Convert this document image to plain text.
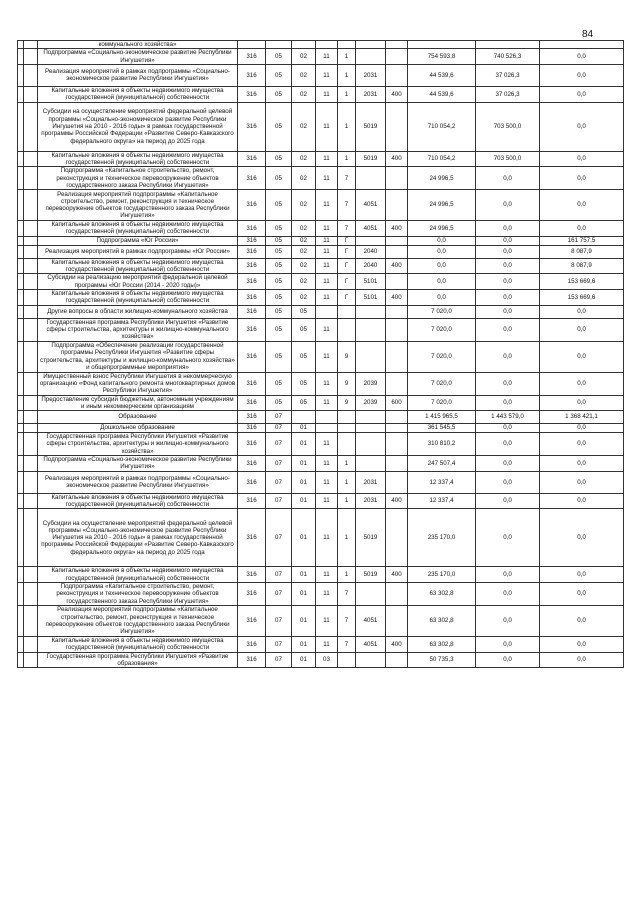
84
		коммунального хозяйства»										
		Подпрограмма «Социально-экономическое развитие Республики Ингушетия»	316	05	02	11	1			754 593,8	740 526,3	0,0
		Реализация мероприятий в рамках подпрограммы «Социально-экономическое развитие Республики Ингушетия»	316	05	02	11	1	2031		44 539,6	37 026,3	0,0
		Капитальные вложения в объекты недвижимого имущества государственной (муниципальной) собственности	316	05	02	11	1	2031	400	44 539,6	37 026,3	0,0
		Субсидии на осуществление мероприятий федеральной целевой программы «Социально-экономическое развитие Республики Ингушетия на 2010 - 2016 годы» в рамках государственной программы Российской Федерации «Развитие Северо-Кавказского федерального округа» на период до 2025 года	316	05	02	11	1	5019		710 054,2	703 500,0	0,0
		Капитальные вложения в объекты недвижимого имущества государственной (муниципальной) собственности	316	05	02	11	1	5019	400	710 054,2	703 500,0	0,0
		Подпрограмма «Капитальное строительство, ремонт, реконструкция и техническое перевооружение объектов государственного заказа Республики Ингушетия»	316	05	02	11	7			24 996,5	0,0	0,0
		Реализация мероприятий подпрограммы «Капитальное строительство, ремонт, реконструкция и техническое перевооружение объектов государственного заказа Республики Ингушетия»	316	05	02	11	7	4051		24 996,5	0,0	0,0
		Капитальные вложения в объекты недвижимого имущества государственной (муниципальной) собственности	316	05	02	11	7	4051	400	24 996,5	0,0	0,0
		Подпрограмма «Юг России»	316	05	02	11	Г			0,0	0,0	161 757,5
		Реализация мероприятий в рамках подпрограммы «Юг России»	316	05	02	11	Г	2040		0,0	0,0	8 087,9
		Капитальные вложения в объекты недвижимого имущества государственной (муниципальной) собственности	316	05	02	11	Г	2040	400	0,0	0,0	8 087,9
		Субсидии на реализацию мероприятий федеральной целевой программы «Юг России (2014 - 2020 годы)»	316	05	02	11	Г	5101		0,0	0,0	153 669,6
		Капитальные вложения в объекты недвижимого имущества государственной (муниципальной) собственности	316	05	02	11	Г	5101	400	0,0	0,0	153 669,6
		Другие вопросы в области жилищно-коммунального хозяйства	316	05	05					7 020,0	0,0	0,0
		Государственная программа Республики Ингушетия «Развитие сферы строительства, архитектуры и жилищно-коммунального хозяйства»	316	05	05	11				7 020,0	0,0	0,0
		Подпрограмма «Обеспечение реализации государственной программы Республики Ингушетия «Развитие сферы строительства, архитектуры и жилищно-коммунального хозяйства» и общепрограммные мероприятия»	316	05	05	11	9			7 020,0	0,0	0,0
		Имущественный взнос Республики Ингушетия в некоммерческую организацию «Фонд капитального ремонта многоквартирных домов Республики Ингушетия»	316	05	05	11	9	2039		7 020,0	0,0	0,0
		Предоставление субсидий бюджетным, автономным учреждениям и иным некоммерческим организациям	316	05	05	11	9	2039	600	7 020,0	0,0	0,0
		Образование	316	07						1 415 965,5	1 443 579,0	1 368 421,1
		Дошкольное образование	316	07	01					361 545,5	0,0	0,0
		Государственная программа Республики Ингушетия «Развитие сферы строительства, архитектуры и жилищно-коммунального хозяйства»	316	07	01	11				310 810,2	0,0	0,0
		Подпрограмма «Социально-экономическое развитие Республики Ингушетия»	316	07	01	11	1			247 507,4	0,0	0,0
		Реализация мероприятий в рамках подпрограммы «Социально-экономическое развитие Республики Ингушетия»	316	07	01	11	1	2031		12 337,4	0,0	0,0
		Капитальные вложения в объекты недвижимого имущества государственной (муниципальной) собственности	316	07	01	11	1	2031	400	12 337,4	0,0	0,0
		Субсидии на осуществление мероприятий федеральной целевой программы «Социально-экономическое развитие Республики Ингушетия на 2010 - 2016 годы» в рамках государственной программы Российской Федерации «Развитие Северо-Кавказского федерального округа» на период до 2025 года	316	07	01	11	1	5019		235 170,0	0,0	0,0
		Капитальные вложения в объекты недвижимого имущества государственной (муниципальной) собственности	316	07	01	11	1	5019	400	235 170,0	0,0	0,0
		Подпрограмма «Капитальное строительство, ремонт, реконструкция и техническое перевооружение объектов государственного заказа Республики Ингушетия»	316	07	01	11	7			63 302,8	0,0	0,0
		Реализация мероприятий подпрограммы «Капитальное строительство, ремонт, реконструкция и техническое перевооружение объектов государственного заказа Республики Ингушетия»	316	07	01	11	7	4051		63 302,8	0,0	0,0
		Капитальные вложения в объекты недвижимого имущества государственной (муниципальной) собственности	316	07	01	11	7	4051	400	63 302,8	0,0	0,0
		Государственная программа Республики Ингушетия «Развитие образования»	316	07	01	03				50 735,3	0,0	0,0
